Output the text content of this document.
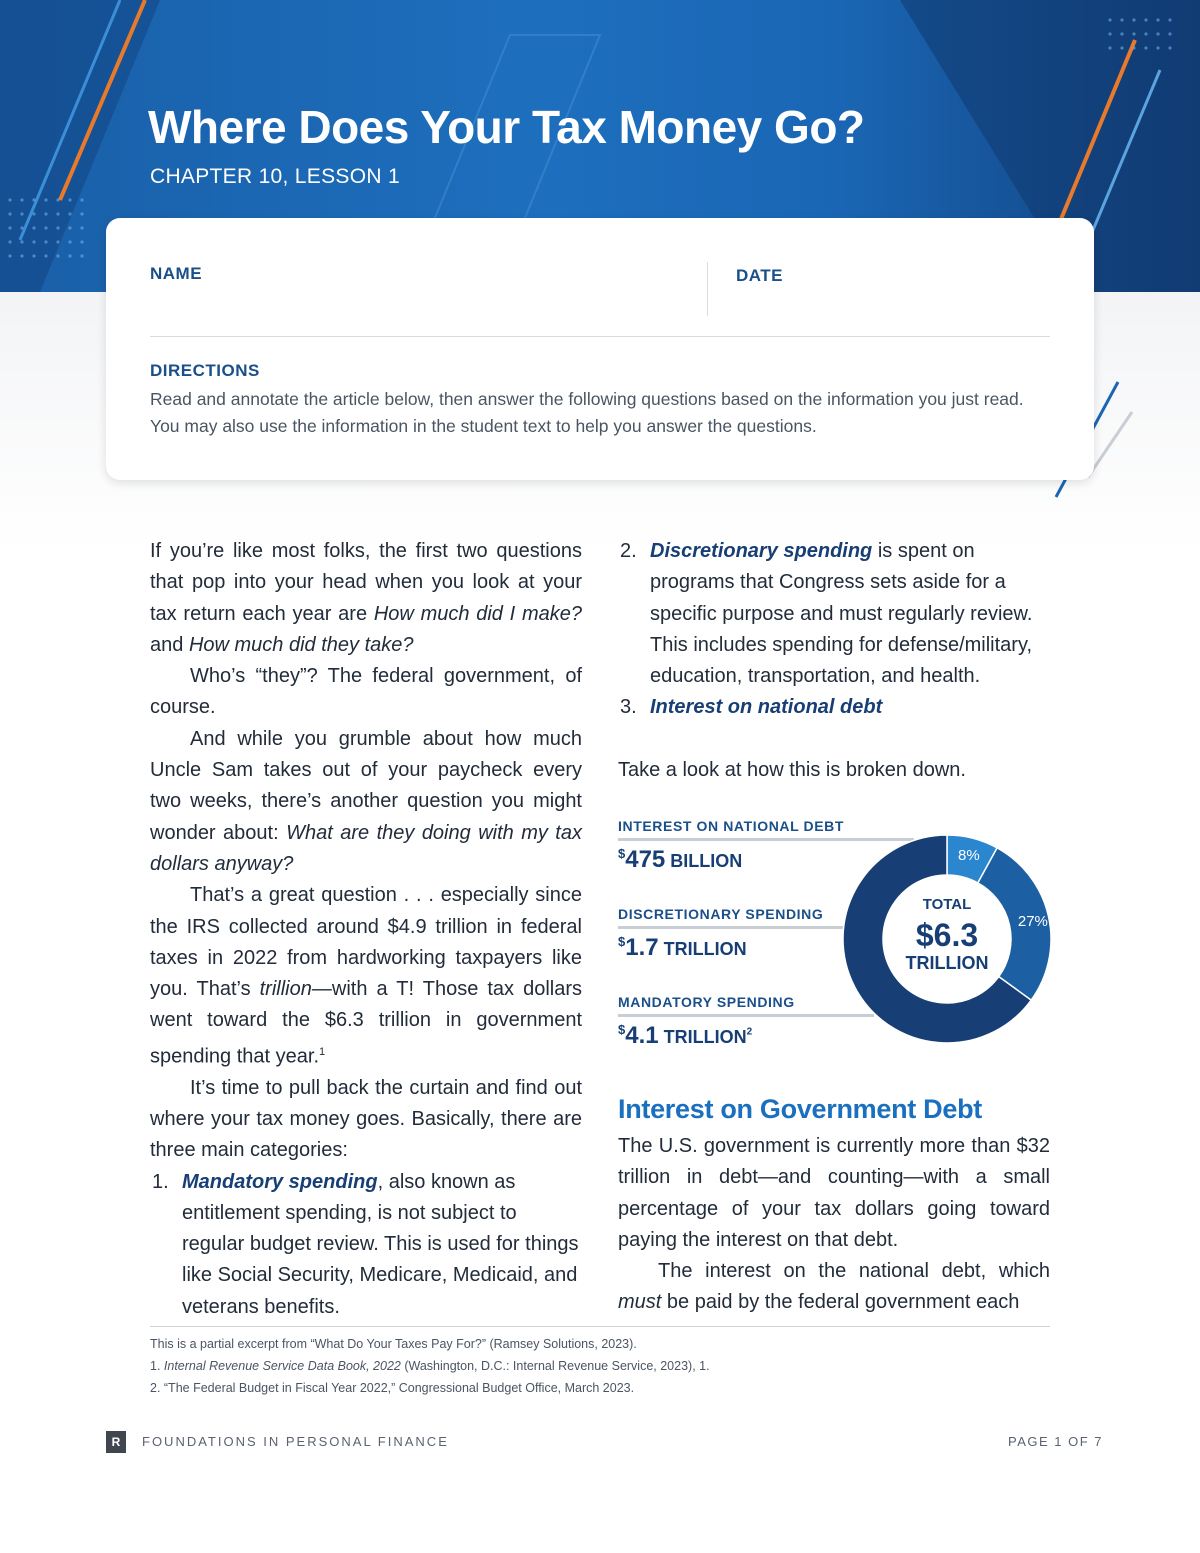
Where Does Your Tax Money Go?
CHAPTER 10, LESSON 1
NAME	DATE
DIRECTIONS
Read and annotate the article below, then answer the following questions based on the information you just read. You may also use the information in the student text to help you answer the questions.

If you’re like most folks, the first two questions that pop into your head when you look at your tax return each year are How much did I make? and How much did they take?

Who’s “they”? The federal government, of course.

And while you grumble about how much Uncle Sam takes out of your paycheck every two weeks, there’s another question you might wonder about: What are they doing with my tax dollars anyway?

That’s a great question . . . especially since the IRS collected around $4.9 trillion in federal taxes in 2022 from hardworking taxpayers like you. That’s trillion—with a T! Those tax dollars went toward the $6.3 trillion in government spending that year.$^1$

It’s time to pull back the curtain and find out where your tax money goes. Basically, there are three main categories:

1. Mandatory spending, also known as entitlement spending, is not subject to regular budget review. This is used for things like Social Security, Medicare, Medicaid, and veterans benefits.
2. Discretionary spending is spent on programs that Congress sets aside for a specific purpose and must regularly review. This includes spending for defense/military, education, transportation, and health.
3. Interest on national debt

Take a look at how this is broken down.

INTEREST ON NATIONAL DEBT
$475 BILLION
DISCRETIONARY SPENDING
$1.7 TRILLION
MANDATORY SPENDING
$4.1 TRILLION$^2$
8%
27%
65%
TOTAL
$6.3
TRILLION
Interest on Government Debt

The U.S. government is currently more than $32 trillion in debt—and counting—with a small percentage of your tax dollars going toward paying the interest on that debt.

The interest on the national debt, which must be paid by the federal government each

This is a partial excerpt from “What Do Your Taxes Pay For?” (Ramsey Solutions, 2023).
1. Internal Revenue Service Data Book, 2022 (Washington, D.C.: Internal Revenue Service, 2023), 1.
2. “The Federal Budget in Fiscal Year 2022,” Congressional Budget Office, March 2023.
R	FOUNDATIONS IN PERSONAL FINANCE	PAGE 1 OF 7
